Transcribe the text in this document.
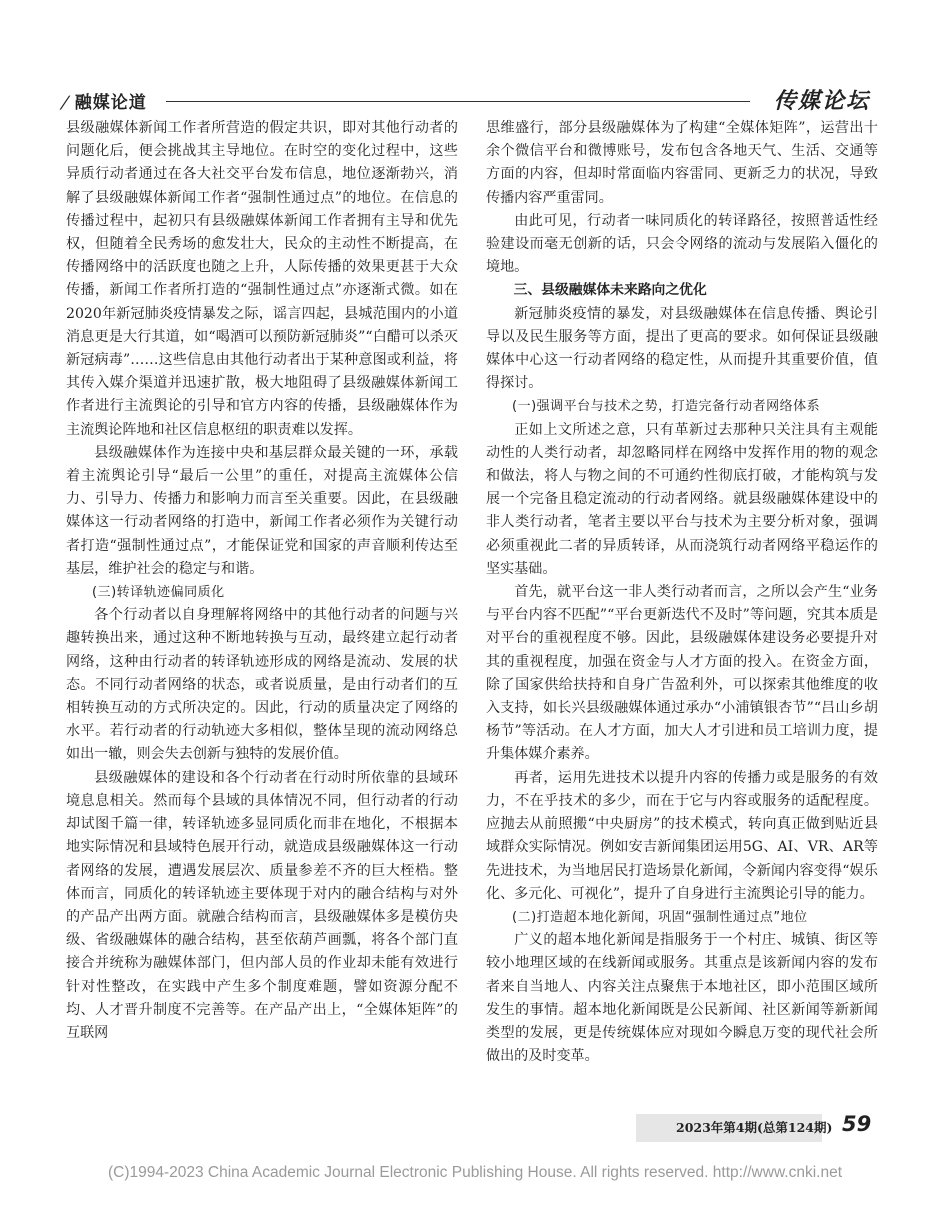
/ 融媒论道	传媒论坛

县级融媒体新闻工作者所营造的假定共识，即对其他行动者的问题化后，便会挑战其主导地位。在时空的变化过程中，这些异质行动者通过在各大社交平台发布信息，地位逐渐勃兴，消解了县级融媒体新闻工作者“强制性通过点”的地位。在信息的传播过程中，起初只有县级融媒体新闻工作者拥有主导和优先权，但随着全民秀场的愈发壮大，民众的主动性不断提高，在传播网络中的活跃度也随之上升，人际传播的效果更甚于大众传播，新闻工作者所打造的“强制性通过点”亦逐渐式微。如在2020年新冠肺炎疫情暴发之际，谣言四起，县城范围内的小道消息更是大行其道，如“喝酒可以预防新冠肺炎”“白醋可以杀灭新冠病毒”……这些信息由其他行动者出于某种意图或利益，将其传入媒介渠道并迅速扩散，极大地阻碍了县级融媒体新闻工作者进行主流舆论的引导和官方内容的传播，县级融媒体作为主流舆论阵地和社区信息枢纽的职责难以发挥。

县级融媒体作为连接中央和基层群众最关键的一环，承载着主流舆论引导“最后一公里”的重任，对提高主流媒体公信力、引导力、传播力和影响力而言至关重要。因此，在县级融媒体这一行动者网络的打造中，新闻工作者必须作为关键行动者打造“强制性通过点”，才能保证党和国家的声音顺利传达至基层，维护社会的稳定与和谐。

(三)转译轨迹偏同质化

各个行动者以自身理解将网络中的其他行动者的问题与兴趣转换出来，通过这种不断地转换与互动，最终建立起行动者网络，这种由行动者的转译轨迹形成的网络是流动、发展的状态。不同行动者网络的状态，或者说质量，是由行动者们的互相转换互动的方式所决定的。因此，行动的质量决定了网络的水平。若行动者的行动轨迹大多相似，整体呈现的流动网络总如出一辙，则会失去创新与独特的发展价值。

县级融媒体的建设和各个行动者在行动时所依靠的县域环境息息相关。然而每个县域的具体情况不同，但行动者的行动却试图千篇一律，转译轨迹多显同质化而非在地化，不根据本地实际情况和县域特色展开行动，就造成县级融媒体这一行动者网络的发展，遭遇发展层次、质量参差不齐的巨大桎梏。整体而言，同质化的转译轨迹主要体现于对内的融合结构与对外的产品产出两方面。就融合结构而言，县级融媒体多是模仿央级、省级融媒体的融合结构，甚至依葫芦画瓢，将各个部门直接合并统称为融媒体部门，但内部人员的作业却未能有效进行针对性整改，在实践中产生多个制度难题，譬如资源分配不均、人才晋升制度不完善等。在产品产出上，“全媒体矩阵”的互联网

思维盛行，部分县级融媒体为了构建“全媒体矩阵”，运营出十余个微信平台和微博账号，发布包含各地天气、生活、交通等方面的内容，但却时常面临内容雷同、更新乏力的状况，导致传播内容严重雷同。

由此可见，行动者一味同质化的转译路径，按照普适性经验建设而毫无创新的话，只会令网络的流动与发展陷入僵化的境地。

三、县级融媒体未来路向之优化

新冠肺炎疫情的暴发，对县级融媒体在信息传播、舆论引导以及民生服务等方面，提出了更高的要求。如何保证县级融媒体中心这一行动者网络的稳定性，从而提升其重要价值，值得探讨。

(一)强调平台与技术之势，打造完备行动者网络体系

正如上文所述之意，只有革新过去那种只关注具有主观能动性的人类行动者，却忽略同样在网络中发挥作用的物的观念和做法，将人与物之间的不可通约性彻底打破，才能构筑与发展一个完备且稳定流动的行动者网络。就县级融媒体建设中的非人类行动者，笔者主要以平台与技术为主要分析对象，强调必须重视此二者的异质转译，从而浇筑行动者网络平稳运作的坚实基础。

首先，就平台这一非人类行动者而言，之所以会产生“业务与平台内容不匹配”“平台更新迭代不及时”等问题，究其本质是对平台的重视程度不够。因此，县级融媒体建设务必要提升对其的重视程度，加强在资金与人才方面的投入。在资金方面，除了国家供给扶持和自身广告盈利外，可以探索其他维度的收入支持，如长兴县级融媒体通过承办“小浦镇银杏节”“吕山乡胡杨节”等活动。在人才方面，加大人才引进和员工培训力度，提升集体媒介素养。

再者，运用先进技术以提升内容的传播力或是服务的有效力，不在乎技术的多少，而在于它与内容或服务的适配程度。应抛去从前照搬“中央厨房”的技术模式，转向真正做到贴近县域群众实际情况。例如安吉新闻集团运用5G、AI、VR、AR等先进技术，为当地居民打造场景化新闻，令新闻内容变得“娱乐化、多元化、可视化”，提升了自身进行主流舆论引导的能力。

(二)打造超本地化新闻，巩固“强制性通过点”地位

广义的超本地化新闻是指服务于一个村庄、城镇、街区等较小地理区域的在线新闻或服务。其重点是该新闻内容的发布者来自当地人、内容关注点聚焦于本地社区，即小范围区域所发生的事情。超本地化新闻既是公民新闻、社区新闻等新新闻类型的发展，更是传统媒体应对现如今瞬息万变的现代社会所做出的及时变革。

2023年第4期(总第124期) 59
(C)1994-2023 China Academic Journal Electronic Publishing House. All rights reserved. http://www.cnki.net
